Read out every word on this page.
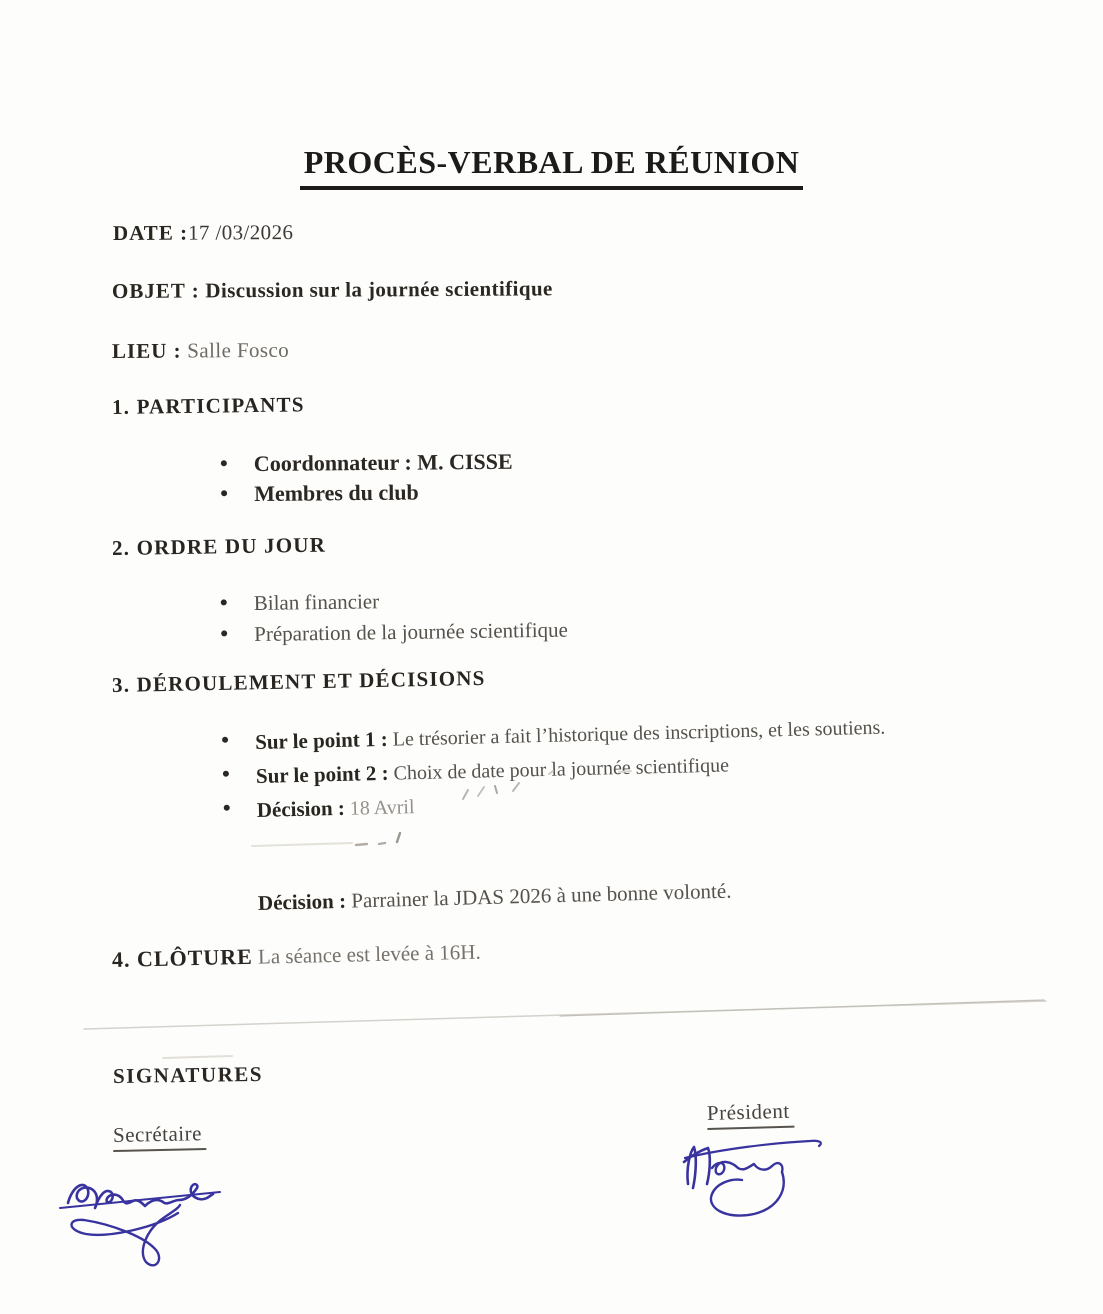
PROCÈS-VERBAL DE RÉUNION
DATE :17 /03/2026
OBJET : Discussion sur la journée scientifique
LIEU : Salle Fosco
1. PARTICIPANTS
Coordonnateur : M. CISSE
Membres du club
2. ORDRE DU JOUR
Bilan financier
Préparation de la journée scientifique
3. DÉROULEMENT ET DÉCISIONS
Sur le point 1 : Le trésorier a fait l’historique des inscriptions, et les soutiens.
Sur le point 2 : Choix de date pour la journée scientifique
Décision : 18 Avril
Décision : Parrainer la JDAS 2026 à une bonne volonté.
4. CLÔTURE La séance est levée à 16H.
SIGNATURES
Président
Secrétaire
